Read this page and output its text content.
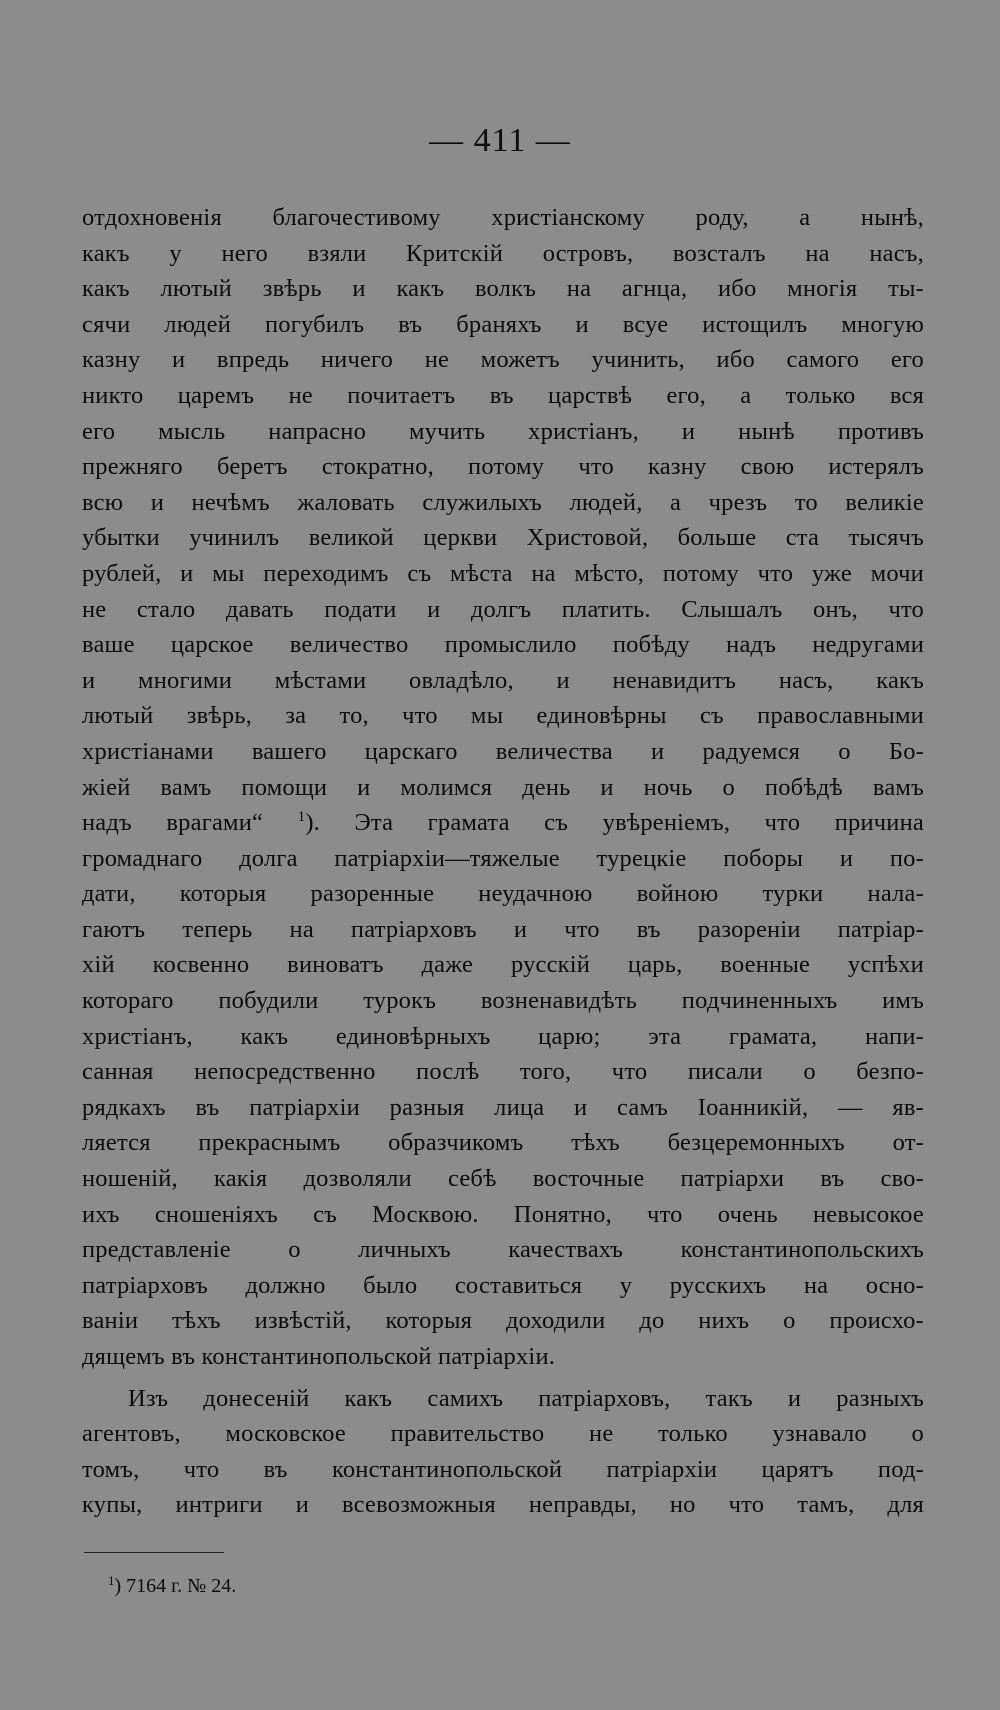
— 411 —
отдохновенія благочестивому христіанскому роду, а нынѣ,
какъ у него взяли Критскій островъ, возсталъ на насъ,
какъ лютый звѣрь и какъ волкъ на агнца, ибо многія ты-
сячи людей погубилъ въ браняхъ и всуе истощилъ многую
казну и впредь ничего не можетъ учинить, ибо самого его
никто царемъ не почитаетъ въ царствѣ его, а только вся
его мысль напрасно мучить христіанъ, и нынѣ противъ
прежняго беретъ стократно, потому что казну свою истерялъ
всю и нечѣмъ жаловать служилыхъ людей, а чрезъ то великіе
убытки учинилъ великой церкви Христовой, больше ста тысячъ
рублей, и мы переходимъ съ мѣста на мѣсто, потому что уже мочи
не стало давать подати и долгъ платить. Слышалъ онъ, что
ваше царское величество промыслило побѣду надъ недругами
и многими мѣстами овладѣло, и ненавидитъ насъ, какъ
лютый звѣрь, за то, что мы единовѣрны съ православными
христіанами вашего царскаго величества и радуемся о Бо-
жіей вамъ помощи и молимся день и ночь о побѣдѣ вамъ
надъ врагами“ $^1$). Эта грамата съ увѣреніемъ, что причина
громаднаго долга патріархіи—тяжелые турецкіе поборы и по-
дати, которыя разоренные неудачною войною турки нала-
гаютъ теперь на патріарховъ и что въ разореніи патріар-
хій косвенно виноватъ даже русскій царь, военные успѣхи
котораго побудили турокъ возненавидѣть подчиненныхъ имъ
христіанъ, какъ единовѣрныхъ царю; эта грамата, напи-
санная непосредственно послѣ того, что писали о безпо-
рядкахъ въ патріархіи разныя лица и самъ Іоанникій, — яв-
ляется прекраснымъ образчикомъ тѣхъ безцеремонныхъ от-
ношеній, какія дозволяли себѣ восточные патріархи въ сво-
ихъ сношеніяхъ съ Москвою. Понятно, что очень невысокое
представленіе о личныхъ качествахъ константинопольскихъ
патріарховъ должно было составиться у русскихъ на осно-
ваніи тѣхъ извѣстій, которыя доходили до нихъ о происхо-
дящемъ въ константинопольской патріархіи.
Изъ донесеній какъ самихъ патріарховъ, такъ и разныхъ
агентовъ, московское правительство не только узнавало о
томъ, что въ константинопольской патріархіи царятъ под-
купы, интриги и всевозможныя неправды, но что тамъ, для
$^1$) 7164 г. № 24.
